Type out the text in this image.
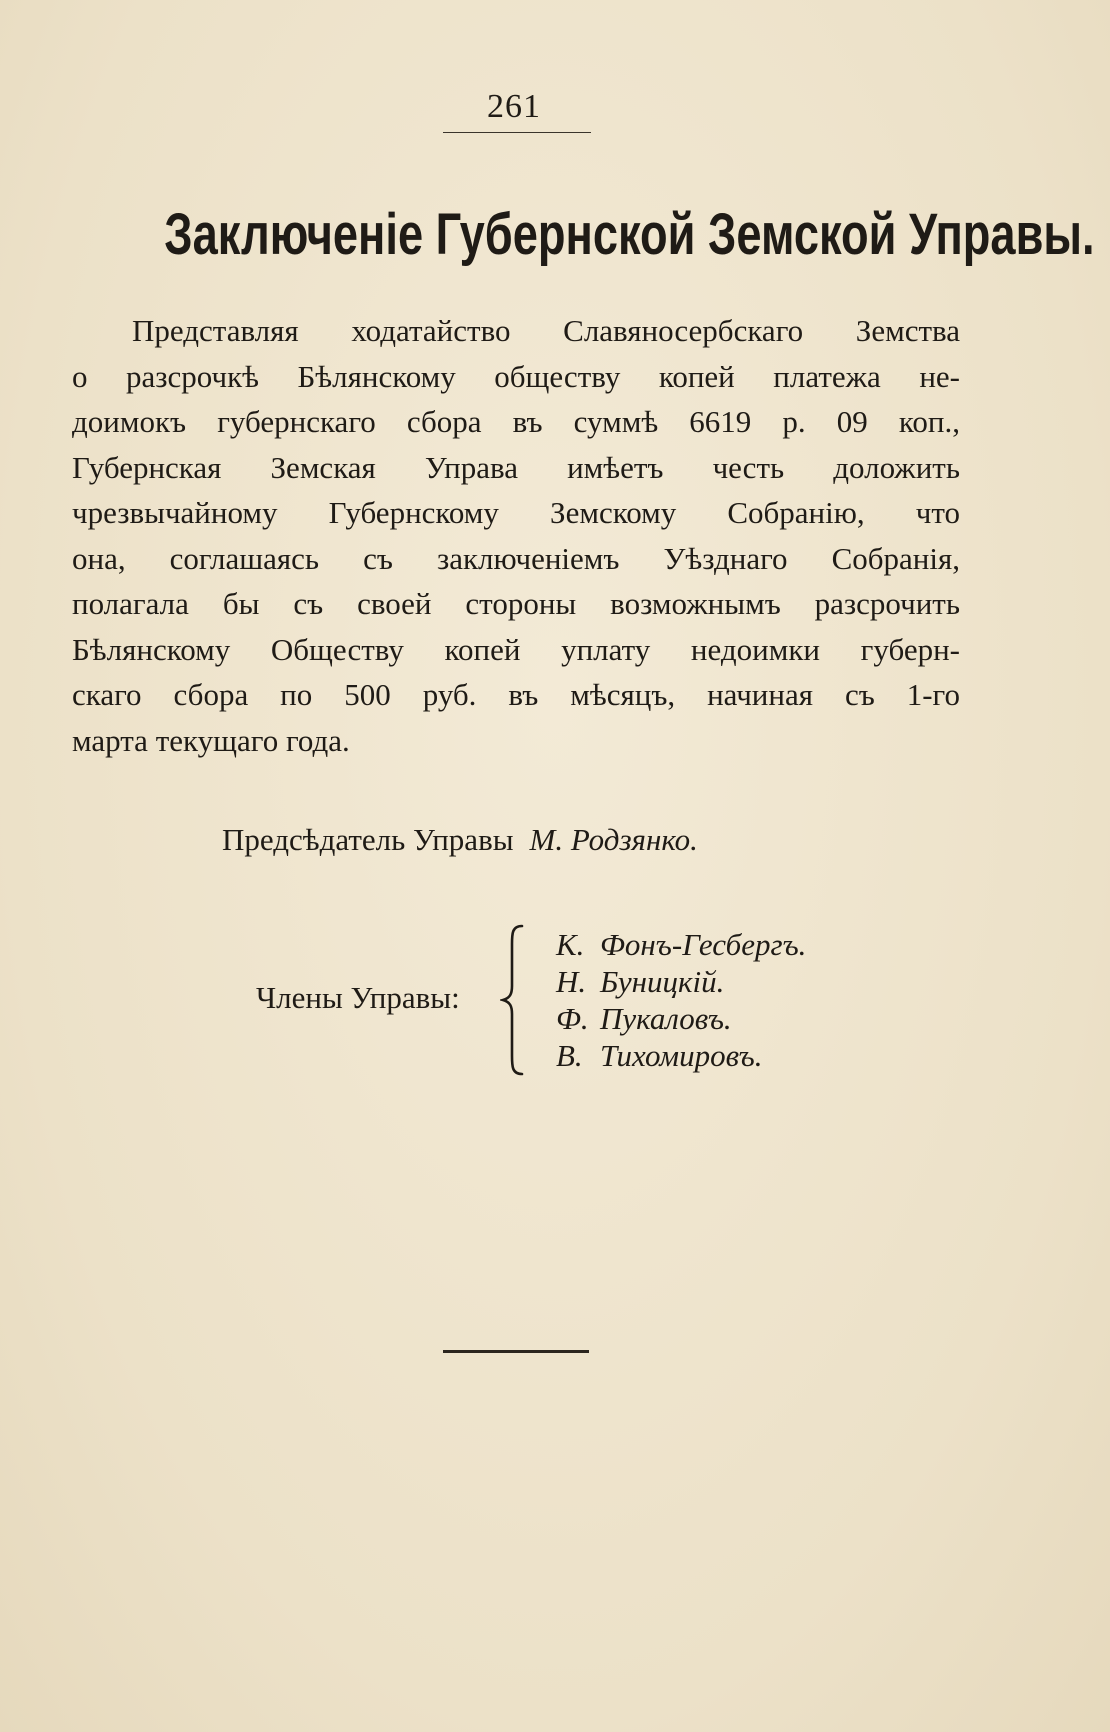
261
Заключеніе Губернской Земской Управы.
Представляя ходатайство Славяносербскаго Земства
о разсрочкѣ Бѣлянскому обществу копей платежа не-
доимокъ губернскаго сбора въ суммѣ 6619 р. 09 коп.,
Губернская Земская Управа имѣетъ честь доложить
чрезвычайному Губернскому Земскому Собранію, что
она, соглашаясь съ заключеніемъ Уѣзднаго Собранія,
полагала бы съ своей стороны возможнымъ разсрочить
Бѣлянскому Обществу копей уплату недоимки губерн-
скаго сбора по 500 руб. въ мѣсяцъ, начиная съ 1-го
марта текущаго года.
Предсѣдатель Управы М. Родзянко.
Члены Управы:
К. Фонъ-Гесбергъ.
Н. Буницкій.
Ф. Пукаловъ.
В. Тихомировъ.
